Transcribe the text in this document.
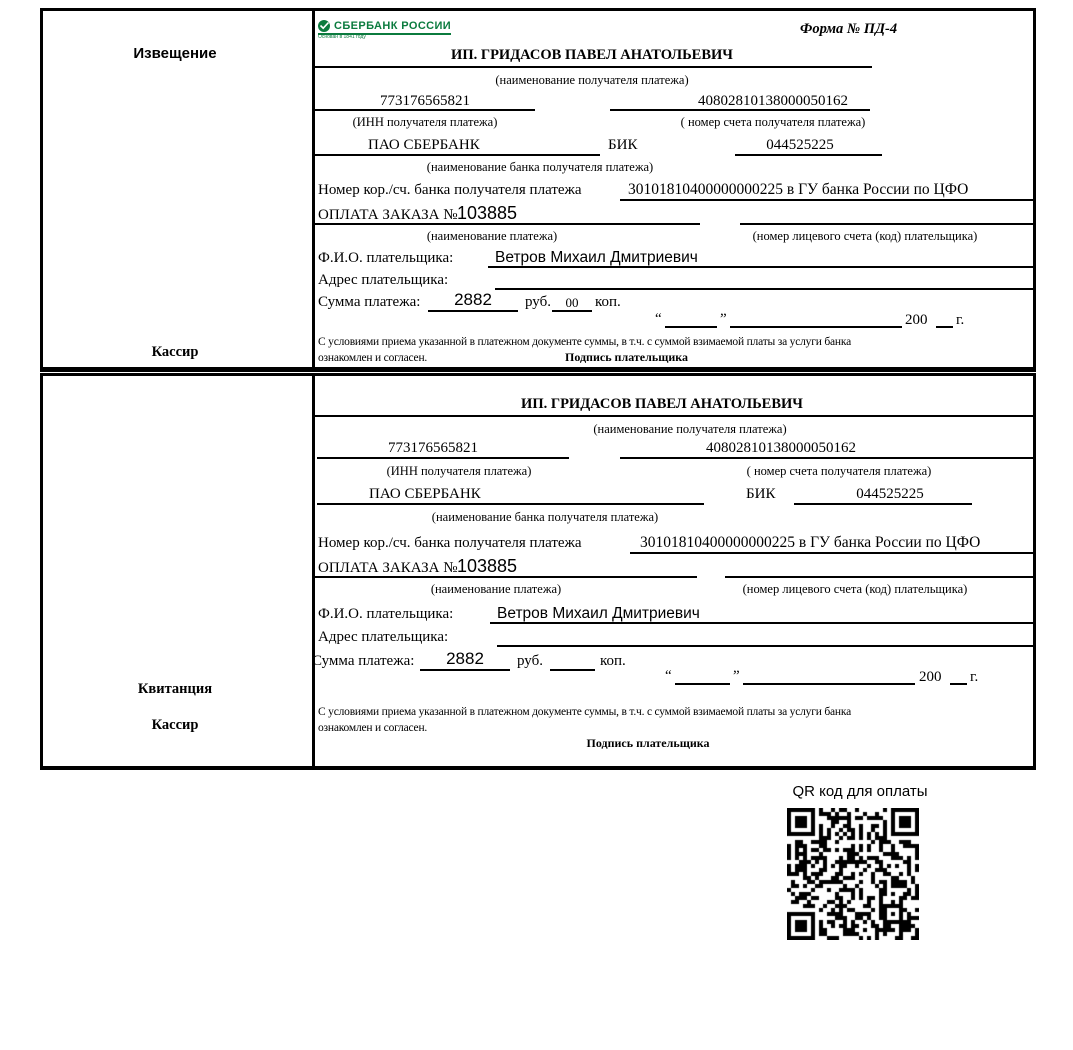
Извещение
Кассир
СБЕРБАНК РОССИИ
Основан в 1841 году	Форма № ПД-4
ИП. ГРИДАСОВ ПАВЕЛ АНАТОЛЬЕВИЧ
(наименование получателя платежа)
773176565821	40802810138000050162
(ИНН получателя платежа)	( номер счета получателя платежа)
ПАО СБЕРБАНК	БИК	044525225
(наименование банка получателя платежа)
Номер кор./сч. банка получателя платежа	30101810400000000225 в ГУ банка России по ЦФО
ОПЛАТА ЗАКАЗА № 103885
(наименование платежа)	(номер лицевого счета (код) плательщика)
Ф.И.О. плательщика:	Ветров Михаил Дмитриевич
Адрес плательщика:
Сумма платежа: 2882 руб. 00 коп.
“	”	200 г.
С условиями приема указанной в платежном документе суммы, в т.ч. с суммой взимаемой платы за услуги банка
ознакомлен и согласен.	Подпись плательщика
Квитанция
Кассир
ИП. ГРИДАСОВ ПАВЕЛ АНАТОЛЬЕВИЧ
(наименование получателя платежа)
773176565821	40802810138000050162
(ИНН получателя платежа)	( номер счета получателя платежа)
ПАО СБЕРБАНК	БИК	044525225
(наименование банка получателя платежа)
Номер кор./сч. банка получателя платежа	30101810400000000225 в ГУ банка России по ЦФО
ОПЛАТА ЗАКАЗА № 103885
(наименование платежа)	(номер лицевого счета (код) плательщика)
Ф.И.О. плательщика:	Ветров Михаил Дмитриевич
Адрес плательщика:
Сумма платежа: 2882 руб.	коп.
“	”	200 г.
С условиями приема указанной в платежном документе суммы, в т.ч. с суммой взимаемой платы за услуги банка
ознакомлен и согласен.
Подпись плательщика
QR код для оплаты
